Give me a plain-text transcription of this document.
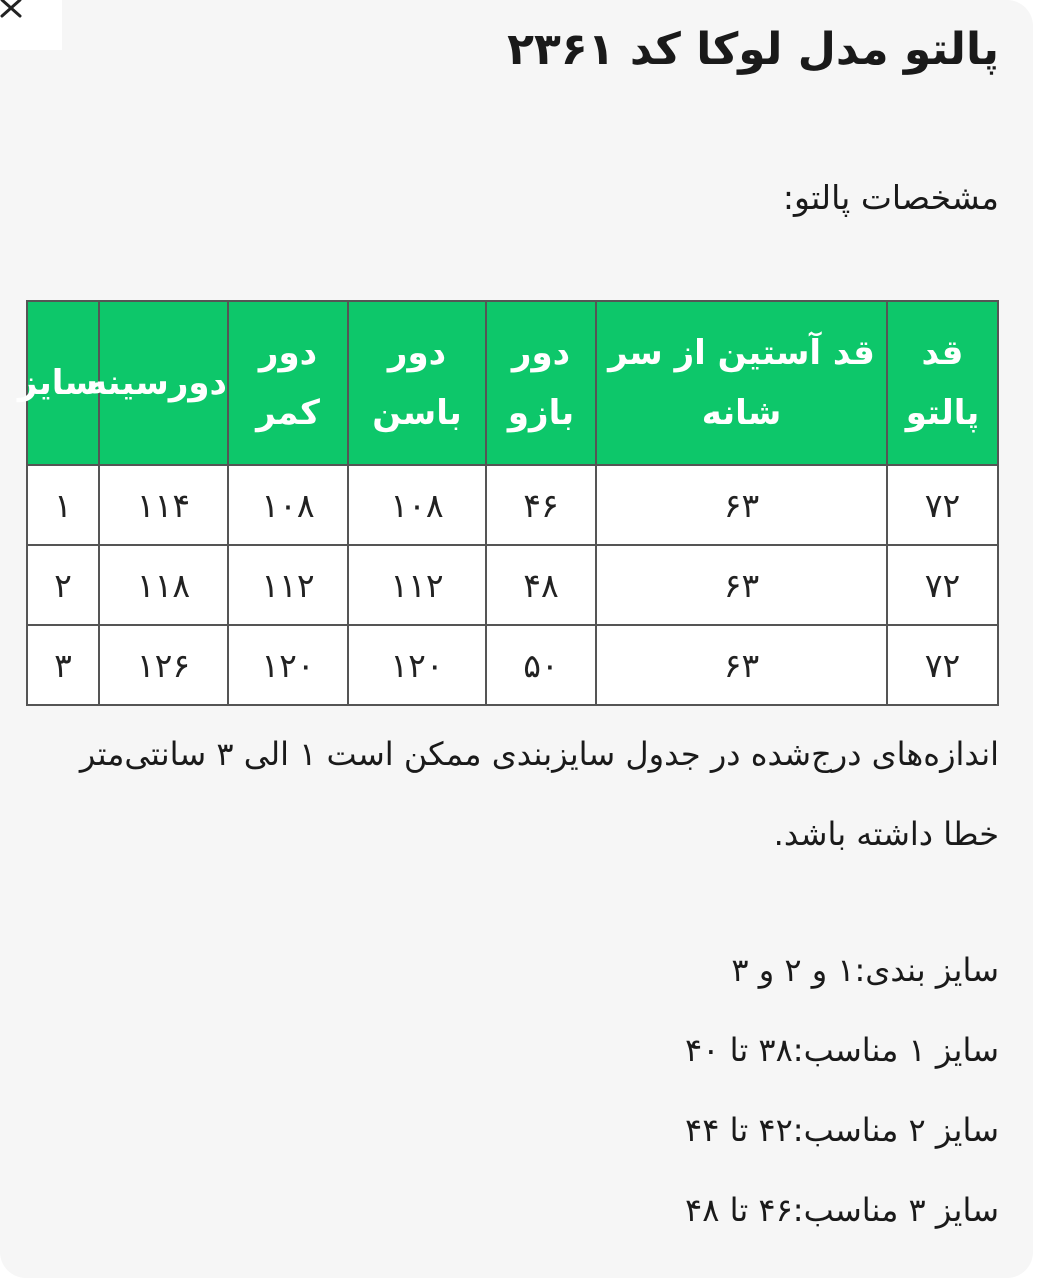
پالتو مدل لوکا کد ۲۳۶۱

مشخصات پالتو:

قد پالتو	قد آستین از سر شانه	دور بازو	دور باسن	دور کمر	دورسینه	سایز
۷۲	۶۳	۴۶	۱۰۸	۱۰۸	۱۱۴	۱
۷۲	۶۳	۴۸	۱۱۲	۱۱۲	۱۱۸	۲
۷۲	۶۳	۵۰	۱۲۰	۱۲۰	۱۲۶	۳

اندازه‌های درج‌شده در جدول سایزبندی ممکن است ۱ الی ۳ سانتی‌متر خطا داشته باشد.

سایز بندی:۱ و ۲ و ۳

سایز ۱ مناسب:۳۸ تا ۴۰

سایز ۲ مناسب:۴۲ تا ۴۴

سایز ۳ مناسب:۴۶ تا ۴۸
